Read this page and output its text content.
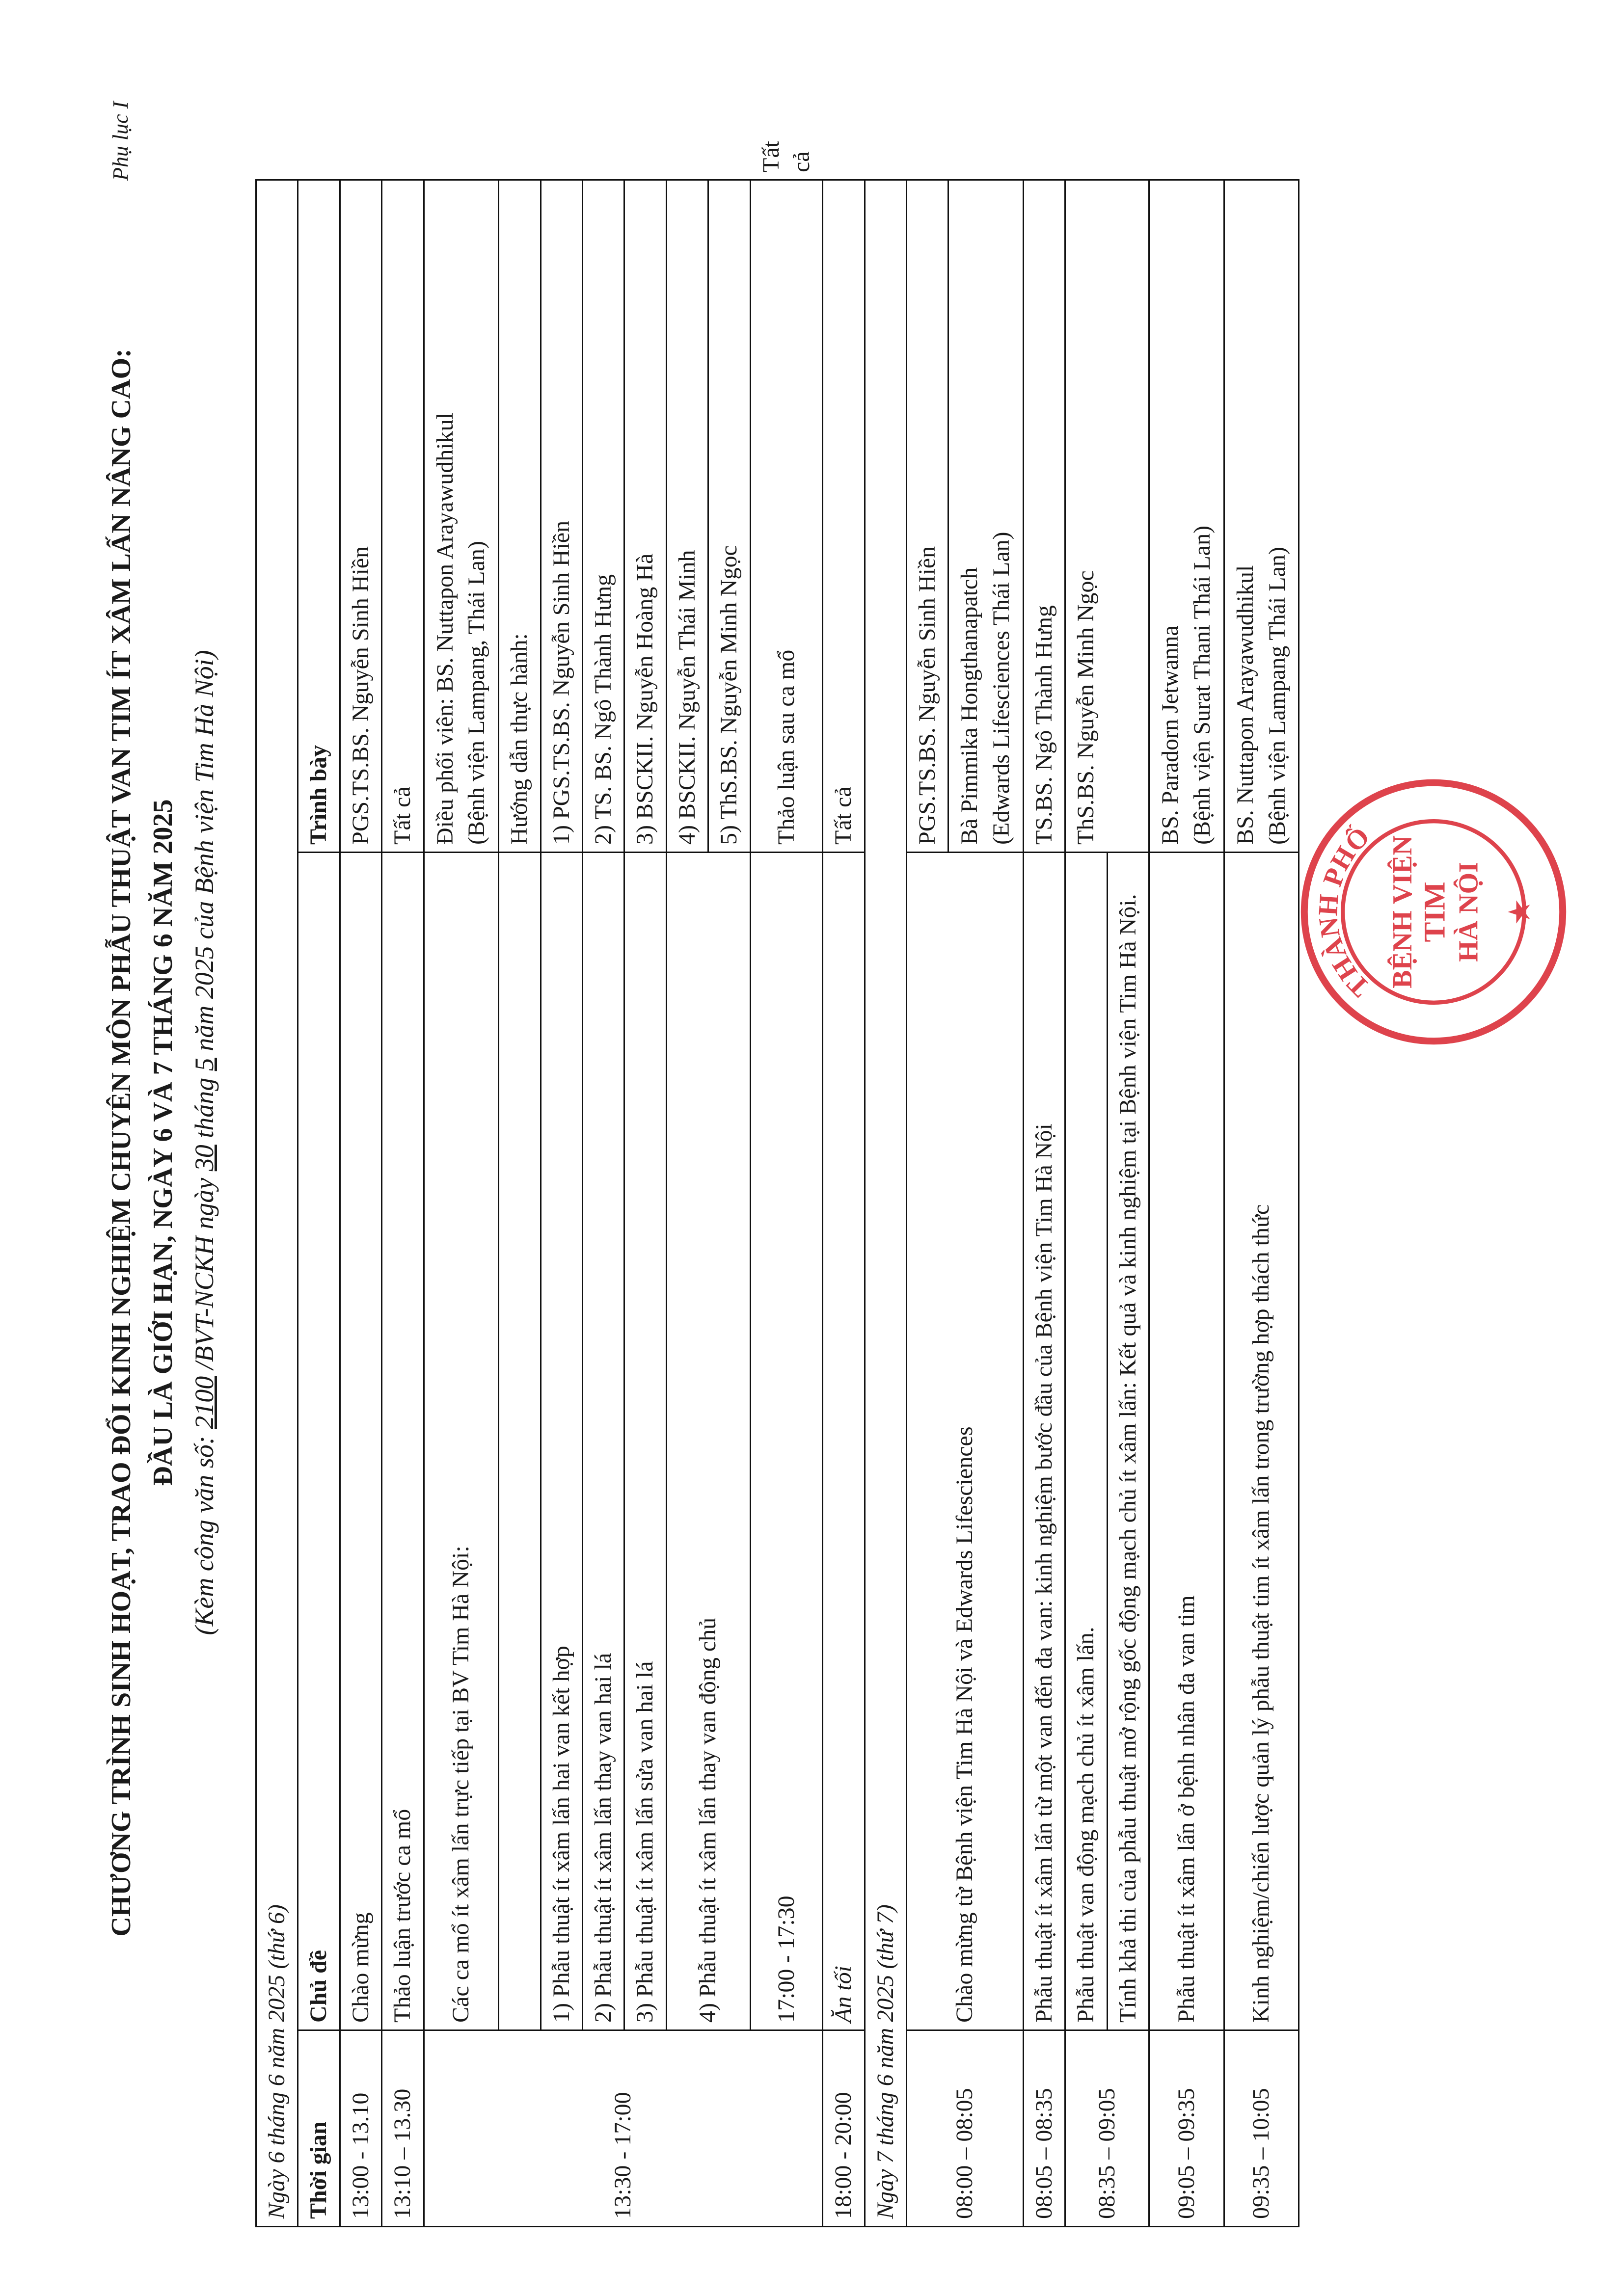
Phụ lục I
CHƯƠNG TRÌNH SINH HOẠT, TRAO ĐỔI KINH NGHIỆM CHUYÊN MÔN PHẪU THUẬT VAN TIM ÍT XÂM LẤN NÂNG CAO: ĐẦU LÀ GIỚI HẠN, NGÀY 6 VÀ 7 THÁNG 6 NĂM 2025
(Kèm công văn số: 2100 /BVT-NCKH ngày 30 tháng 5 năm 2025 của Bệnh viện Tim Hà Nội)
Ngày 6 tháng 6 năm 2025 (thứ 6)			
Thời gian	Chủ đề	Trình bày	
13:00 - 13.10	Chào mừng	PGS.TS.BS. Nguyễn Sinh Hiền	
13:10 – 13.30	Thảo luận trước ca mổ	Tất cả	
13:30 - 17:00	Các ca mổ ít xâm lấn trực tiếp tại BV Tim Hà Nội:	Điều phối viên: BS. Nuttapon Arayawudhikul (Bệnh viện Lampang, Thái Lan)	

		Hướng dẫn thực hành:	
	1) Phẫu thuật ít xâm lấn hai van kết hợp	1) PGS.TS.BS. Nguyễn Sinh Hiền	
	2) Phẫu thuật ít xâm lấn thay van hai lá	2) TS. BS. Ngô Thành Hưng	
	3) Phẫu thuật ít xâm lấn sửa van hai lá	3) BSCKII. Nguyễn Hoàng Hà	
	4) Phẫu thuật ít xâm lấn thay van động chủ	4) BSCKII. Nguyễn Thái Minh	
		5) ThS.BS. Nguyễn Minh Ngọc	
	17:00 - 17:30	Thảo luận sau ca mổ	Tất cả
18:00 - 20:00	Ăn tối	Tất cả	
Ngày 7 tháng 6 năm 2025 (thứ 7)			
08:00 – 08:05	Chào mừng từ Bệnh viện Tim Hà Nội và Edwards Lifesciences	PGS.TS.BS. Nguyễn Sinh Hiền	

		Bà Pimmika Hongthanapatch (Edwards Lifesciences Thái Lan)	

08:05 – 08:35	Phẫu thuật ít xâm lấn từ một van đến đa van: kinh nghiệm bước đầu của Bệnh viện Tim Hà Nội	TS.BS. Ngô Thành Hưng	
08:35 – 09:05	Phẫu thuật van động mạch chủ ít xâm lấn.	ThS.BS. Nguyễn Minh Ngọc	
	Tính khả thi của phẫu thuật mở rộng gốc động mạch chủ ít xâm lấn: Kết quả và kinh nghiệm tại Bệnh viện Tim Hà Nội.		
09:05 – 09:35	Phẫu thuật ít xâm lấn ở bệnh nhân đa van tim	BS. Paradorn Jetwanna (Bệnh viện Surat Thani Thái Lan)	

09:35 – 10:05	Kinh nghiệm/chiến lược quản lý phẫu thuật tim ít xâm lấn trong trường hợp thách thức	BS. Nuttapon Arayawudhikul (Bệnh viện Lampang Thái Lan)	
THÀNH PHỐ BỆNH VIỆN TIM HÀ NỘI ★
